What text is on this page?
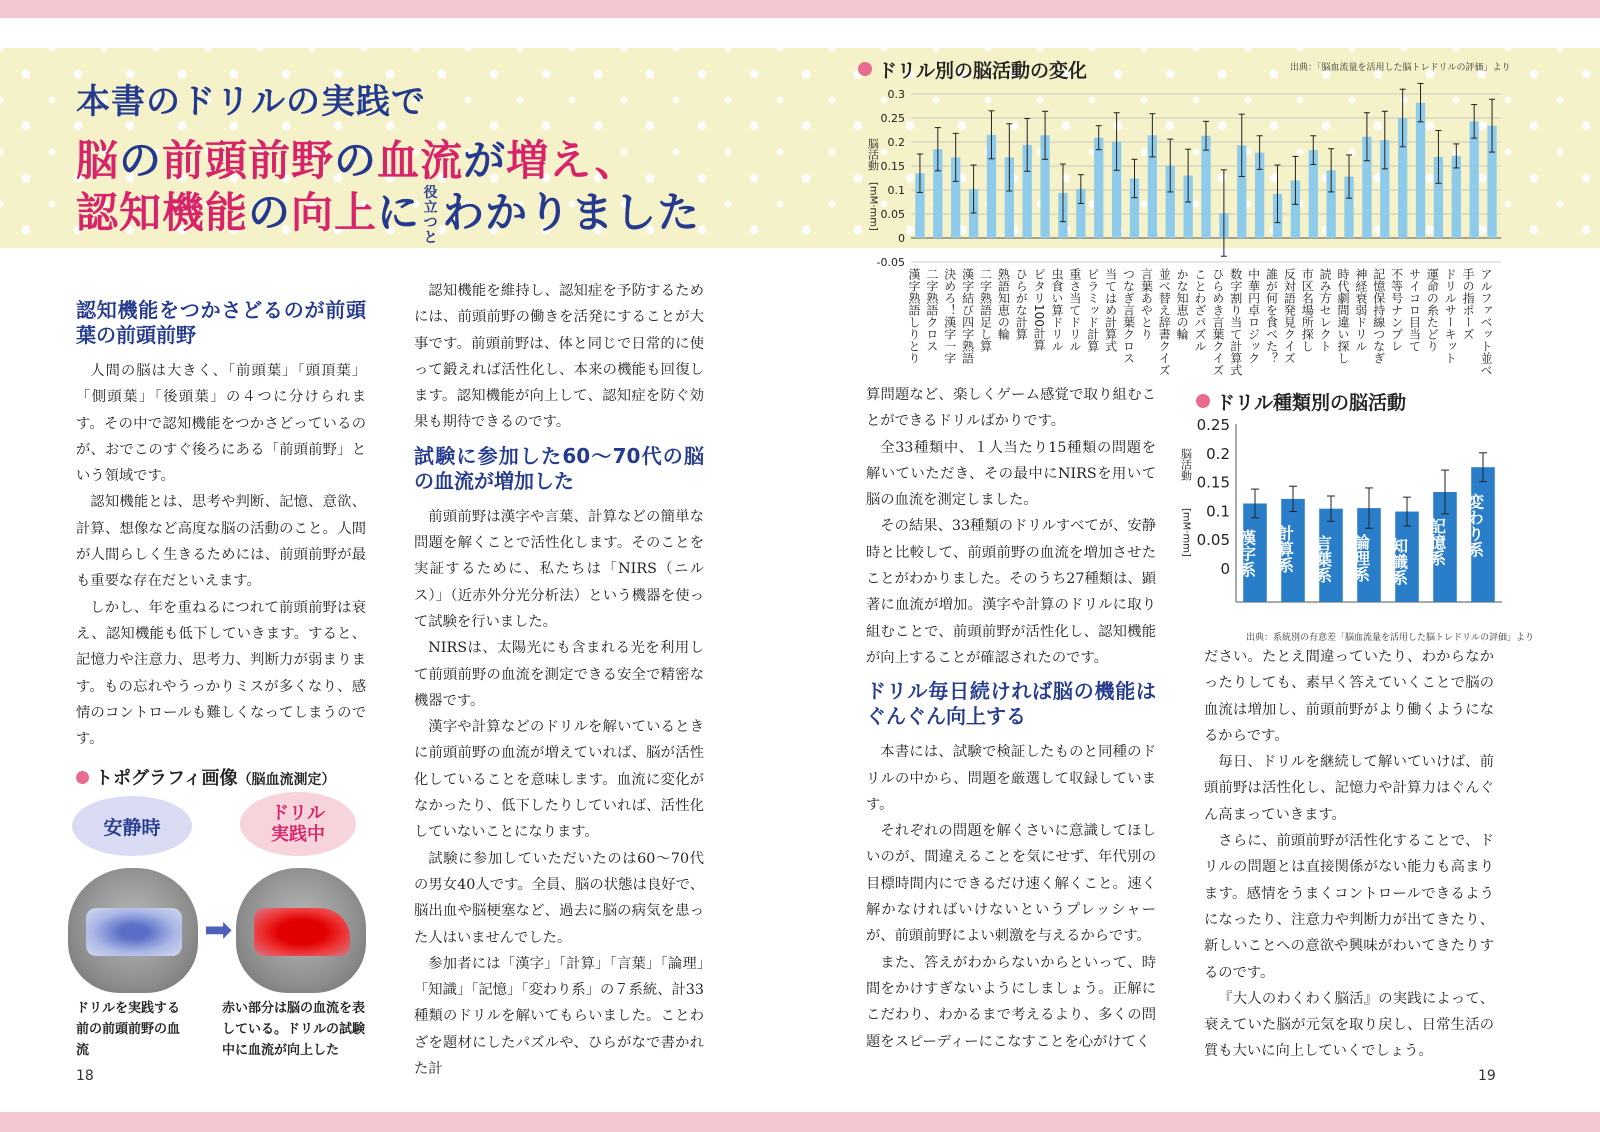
本書のドリルの実践で
脳の前頭前野の血流が増え、
認知機能の向上に 役立
つとわかりました
ドリル別の脳活動の変化	出典：「脳血流量を活用した脳トレドリルの評価」より
-0.05
0
0.05
0.1
0.15
0.2
0.25
0.3
脳活動
[mM·mm]
漢字熟語しりとり 二字熟語クロス 決めろ！漢字一字 漢字結び四字熟語 二字熟語足し算 熟語知恵の輪 ひらがな計算 ピタリ100計算 虫食い算ドリル 重さ当てドリル ピラミッド計算 当てはめ計算式 つなぎ言葉クロス 言葉あやとり 並べ替え辞書クイズ かな知恵の輪 ことわざパズル ひらめき言葉クイズ 数字割り当て計算式 中華円卓ロジック 誰が何を食べた？ 反対語発見クイズ 市区名場所探し 読み方セレクト 時代劇間違い探し 神経衰弱ドリル 記憶保持線つなぎ 不等号ナンプレ サイコロ目当て 運命の糸たどり ドリルサーキット 手の指ポーズ アルファベット並べ
ドリル種類別の脳活動
0
0.05
0.1
0.15
0.2
0.25
脳活動
[mM·mm]	漢字系 計算系 言葉系 論理系 知識系 記憶系 変わり系
出典：系統別の有意差「脳血流量を活用した脳トレドリルの評価」より
認知機能をつかさどるのが前頭葉の前頭前野

人間の脳は大きく、「前頭葉」「頭頂葉」「側頭葉」「後頭葉」の４つに分けられます。その中で認知機能をつかさどっているのが、おでこのすぐ後ろにある「前頭前野」という領域です。

認知機能とは、思考や判断、記憶、意欲、計算、想像など高度な脳の活動のこと。人間が人間らしく生きるためには、前頭前野が最も重要な存在だといえます。

しかし、年を重ねるにつれて前頭前野は衰え、認知機能も低下していきます。すると、記憶力や注意力、思考力、判断力が弱まります。もの忘れやうっかりミスが多くなり、感情のコントロールも難しくなってしまうのです。

トポグラフィ画像（脳血流測定）
安静時
ドリル
実践中
➡
ドリルを実践する前の前頭前野の血流
赤い部分は脳の血流を表している。ドリルの試験中に血流が向上した

認知機能を維持し、認知症を予防するためには、前頭前野の働きを活発にすることが大事です。前頭前野は、体と同じで日常的に使って鍛えれば活性化し、本来の機能も回復します。認知機能が向上して、認知症を防ぐ効果も期待できるのです。

試験に参加した60～70代の脳の血流が増加した

前頭前野は漢字や言葉、計算などの簡単な問題を解くことで活性化します。そのことを実証するために、私たちは「NIRS（ニルス）」（近赤外分光分析法）という機器を使って試験を行いました。

NIRSは、太陽光にも含まれる光を利用して前頭前野の血流を測定できる安全で精密な機器です。

漢字や計算などのドリルを解いているときに前頭前野の血流が増えていれば、脳が活性化していることを意味します。血流に変化がなかったり、低下したりしていれば、活性化していないことになります。

試験に参加していただいたのは60～70代の男女40人です。全員、脳の状態は良好で、脳出血や脳梗塞など、過去に脳の病気を患った人はいませんでした。

参加者には「漢字」「計算」「言葉」「論理」「知識」「記憶」「変わり系」の７系統、計33種類のドリルを解いてもらいました。ことわざを題材にしたパズルや、ひらがなで書かれた計

算問題など、楽しくゲーム感覚で取り組むことができるドリルばかりです。

全33種類中、１人当たり15種類の問題を解いていただき、その最中にNIRSを用いて脳の血流を測定しました。

その結果、33種類のドリルすべてが、安静時と比較して、前頭前野の血流を増加させたことがわかりました。そのうち27種類は、顕著に血流が増加。漢字や計算のドリルに取り組むことで、前頭前野が活性化し、認知機能が向上することが確認されたのです。

ドリル毎日続ければ脳の機能はぐんぐん向上する

本書には、試験で検証したものと同種のドリルの中から、問題を厳選して収録しています。

それぞれの問題を解くさいに意識してほしいのが、間違えることを気にせず、年代別の目標時間内にできるだけ速く解くこと。速く解かなければいけないというプレッシャーが、前頭前野によい刺激を与えるからです。

また、答えがわからないからといって、時間をかけすぎないようにしましょう。正解にこだわり、わかるまで考えるより、多くの問題をスピーディーにこなすことを心がけてく

ださい。たとえ間違っていたり、わからなかったりしても、素早く答えていくことで脳の血流は増加し、前頭前野がより働くようになるからです。

毎日、ドリルを継続して解いていけば、前頭前野は活性化し、記憶力や計算力はぐんぐん高まっていきます。

さらに、前頭前野が活性化することで、ドリルの問題とは直接関係がない能力も高まります。感情をうまくコントロールできるようになったり、注意力や判断力が出てきたり、新しいことへの意欲や興味がわいてきたりするのです。

『大人のわくわく脳活』の実践によって、衰えていた脳が元気を取り戻し、日常生活の質も大いに向上していくでしょう。

18	19
